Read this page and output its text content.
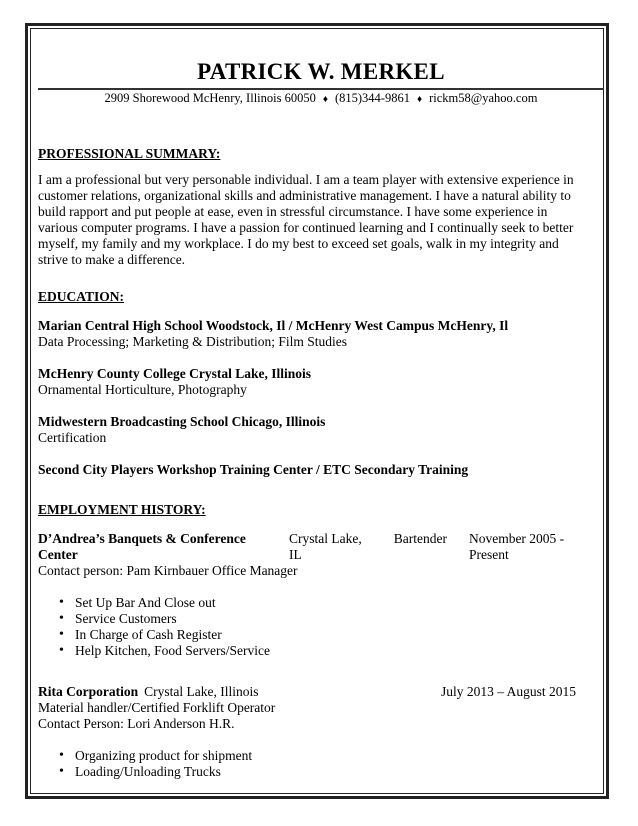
PATRICK W. MERKEL
2909 Shorewood McHenry, Illinois 60050 ♦ (815)344-9861 ♦ rickm58@yahoo.com
PROFESSIONAL SUMMARY:
I am a professional but very personable individual. I am a team player with extensive experience in
customer relations, organizational skills and administrative management. I have a natural ability to
build rapport and put people at ease, even in stressful circumstance. I have some experience in
various computer programs. I have a passion for continued learning and I continually seek to better
myself, my family and my workplace. I do my best to exceed set goals, walk in my integrity and
strive to make a difference.
EDUCATION:
Marian Central High School Woodstock, Il / McHenry West Campus McHenry, Il
Data Processing; Marketing & Distribution; Film Studies
McHenry County College Crystal Lake, Illinois
Ornamental Horticulture, Photography
Midwestern Broadcasting School Chicago, Illinois
Certification
Second City Players Workshop Training Center / ETC Secondary Training
EMPLOYMENT HISTORY:
D’Andrea’s Banquets & Conference Center
Crystal Lake, IL
Bartender November 2005 - Present
Contact person: Pam Kirnbauer Office Manager
• Set Up Bar And Close out
• Service Customers
• In Charge of Cash Register
• Help Kitchen, Food Servers/Service
Rita Corporation Crystal Lake, Illinois	July 2013 – August 2015
Material handler/Certified Forklift Operator
Contact Person: Lori Anderson H.R.
• Organizing product for shipment
• Loading/Unloading Trucks
